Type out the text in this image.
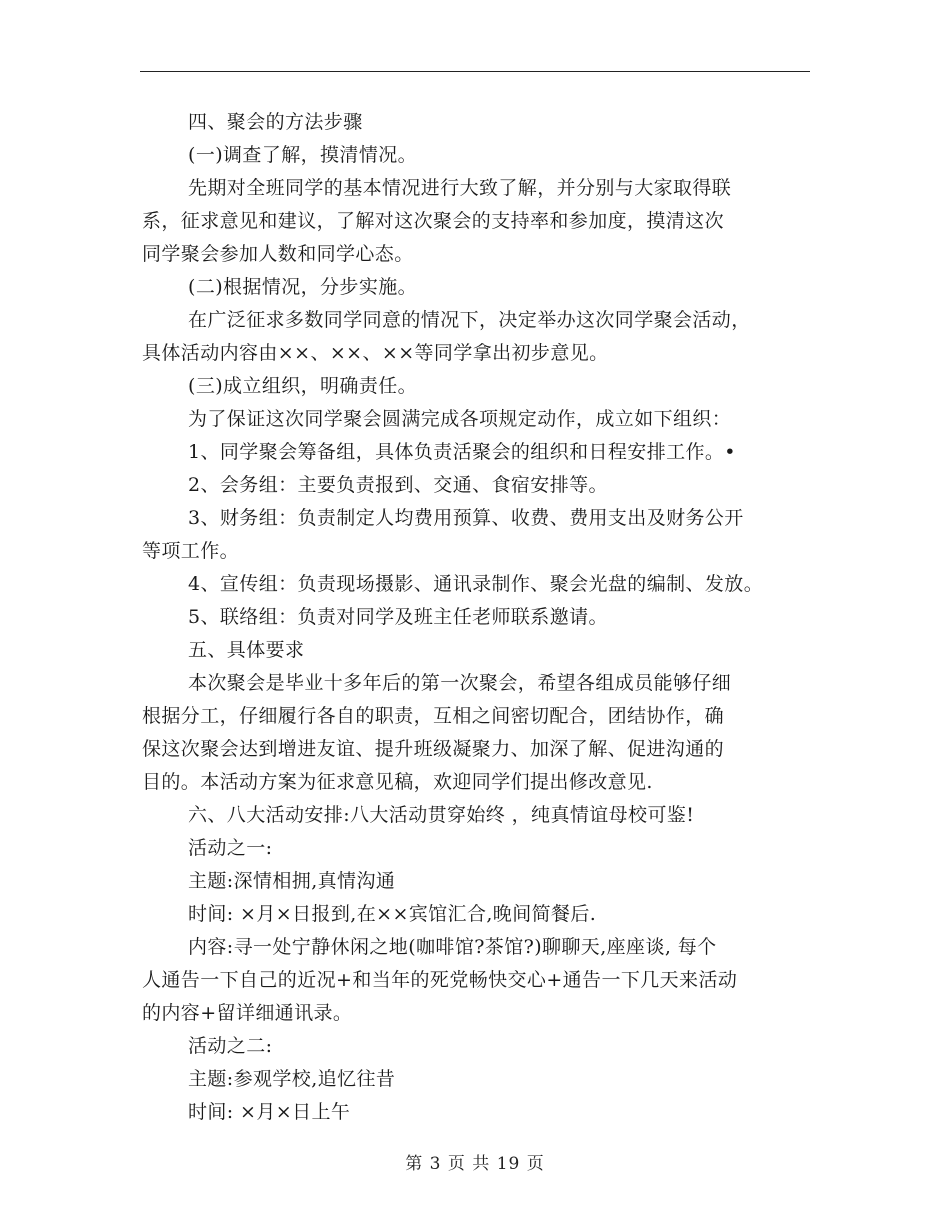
四、聚会的方法步骤
(一)调查了解，摸清情况。
先期对全班同学的基本情况进行大致了解，并分别与大家取得联
系，征求意见和建议，了解对这次聚会的支持率和参加度，摸清这次
同学聚会参加人数和同学心态。
(二)根据情况，分步实施。
在广泛征求多数同学同意的情况下，决定举办这次同学聚会活动，
具体活动内容由××、××、××等同学拿出初步意见。
(三)成立组织，明确责任。
为了保证这次同学聚会圆满完成各项规定动作，成立如下组织：
1、同学聚会筹备组，具体负责活聚会的组织和日程安排工作。•
2、会务组：主要负责报到、交通、食宿安排等。
3、财务组：负责制定人均费用预算、收费、费用支出及财务公开
等项工作。
4、宣传组：负责现场摄影、通讯录制作、聚会光盘的编制、发放。
5、联络组：负责对同学及班主任老师联系邀请。
五、具体要求
本次聚会是毕业十多年后的第一次聚会，希望各组成员能够仔细
根据分工，仔细履行各自的职责，互相之间密切配合，团结协作，确
保这次聚会达到增进友谊、提升班级凝聚力、加深了解、促进沟通的
目的。本活动方案为征求意见稿，欢迎同学们提出修改意见.
六、八大活动安排:八大活动贯穿始终 ，纯真情谊母校可鉴!
活动之一:
主题:深情相拥,真情沟通
时间: ×月×日报到,在××宾馆汇合,晚间简餐后.
内容:寻一处宁静休闲之地(咖啡馆?茶馆?)聊聊天,座座谈, 每个
人通告一下自己的近况+和当年的死党畅快交心+通告一下几天来活动
的内容+留详细通讯录。
活动之二:
主题:参观学校,追忆往昔
时间: ×月×日上午
第 3 页 共 19 页
